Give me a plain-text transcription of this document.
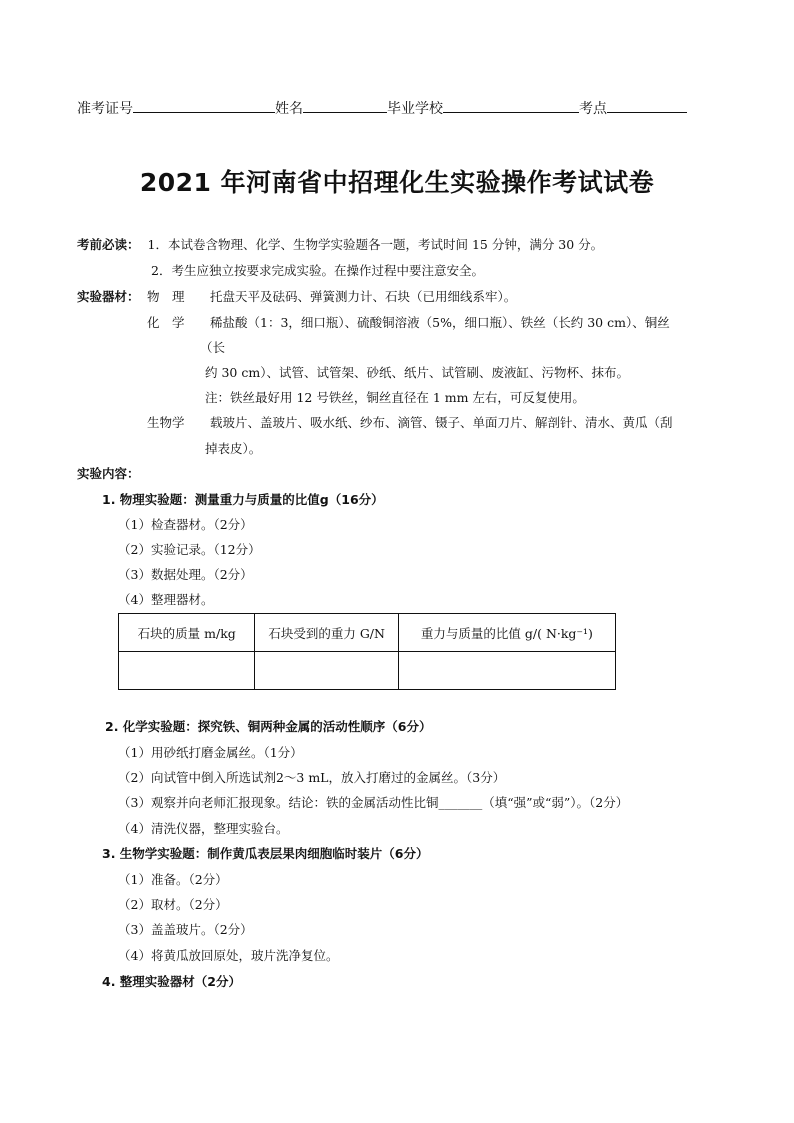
准考证号	姓名	毕业学校	考点
2021 年河南省中招理化生实验操作考试试卷
考前必读： 1．本试卷含物理、化学、生物学实验题各一题，考试时间 15 分钟，满分 30 分。
2．考生应独立按要求完成实验。在操作过程中要注意安全。
实验器材： 物　理 托盘天平及砝码、弹簧测力计、石块（已用细线系牢）。
化　学 稀盐酸（1：3，细口瓶）、硫酸铜溶液（5%，细口瓶）、铁丝（长约 30 cm）、铜丝
（长
约 30 cm）、试管、试管架、砂纸、纸片、试管刷、废液缸、污物杯、抹布。
注：铁丝最好用 12 号铁丝，铜丝直径在 1 mm 左右，可反复使用。
生物学 载玻片、盖玻片、吸水纸、纱布、滴管、镊子、单面刀片、解剖针、清水、黄瓜（刮
掉表皮）。
实验内容：
1. 物理实验题：测量重力与质量的比值g（16分）
（1）检查器材。（2分）
（2）实验记录。（12分）
（3）数据处理。（2分）
（4）整理器材。
石块的质量 m/kg	石块受到的重力 G/N	重力与质量的比值 g/( N·kg⁻¹)

2. 化学实验题：探究铁、铜两种金属的活动性顺序（6分）
（1）用砂纸打磨金属丝。（1分）
（2）向试管中倒入所选试剂2～3 mL，放入打磨过的金属丝。（3分）
（3）观察并向老师汇报现象。结论：铁的金属活动性比铜_______（填“强”或“弱”）。（2分）
（4）清洗仪器，整理实验台。
3. 生物学实验题：制作黄瓜表层果肉细胞临时装片（6分）
（1）准备。（2分）
（2）取材。（2分）
（3）盖盖玻片。（2分）
（4）将黄瓜放回原处，玻片洗净复位。
4. 整理实验器材（2分）
